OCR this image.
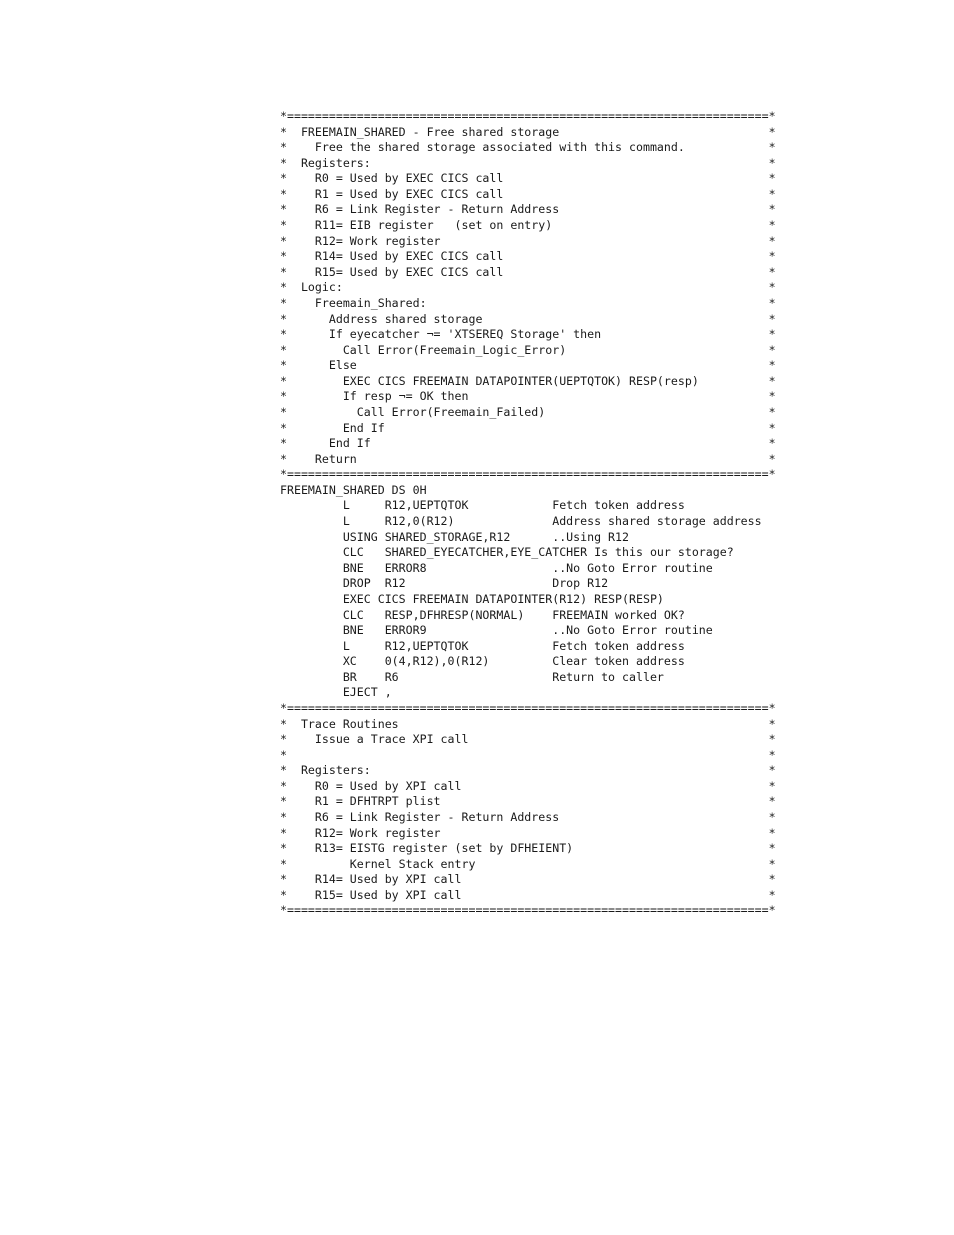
*=====================================================================*
*  FREEMAIN_SHARED - Free shared storage                              *
*    Free the shared storage associated with this command.            *
*  Registers:                                                         *
*    R0 = Used by EXEC CICS call                                      *
*    R1 = Used by EXEC CICS call                                      *
*    R6 = Link Register - Return Address                              *
*    R11= EIB register   (set on entry)                               *
*    R12= Work register                                               *
*    R14= Used by EXEC CICS call                                      *
*    R15= Used by EXEC CICS call                                      *
*  Logic:                                                             *
*    Freemain_Shared:                                                 *
*      Address shared storage                                         *
*      If eyecatcher ¬= 'XTSEREQ Storage' then                        *
*        Call Error(Freemain_Logic_Error)                             *
*      Else                                                           *
*        EXEC CICS FREEMAIN DATAPOINTER(UEPTQTOK) RESP(resp)          *
*        If resp ¬= OK then                                           *
*          Call Error(Freemain_Failed)                                *
*        End If                                                       *
*      End If                                                         *
*    Return                                                           *
*=====================================================================*
FREEMAIN_SHARED DS 0H
L     R12,UEPTQTOK            Fetch token address
L     R12,0(R12)              Address shared storage address
USING SHARED_STORAGE,R12      ..Using R12
CLC   SHARED_EYECATCHER,EYE_CATCHER Is this our storage?
BNE   ERROR8                  ..No Goto Error routine
DROP  R12                     Drop R12
EXEC CICS FREEMAIN DATAPOINTER(R12) RESP(RESP)
CLC   RESP,DFHRESP(NORMAL)    FREEMAIN worked OK?
BNE   ERROR9                  ..No Goto Error routine
L     R12,UEPTQTOK            Fetch token address
XC    0(4,R12),0(R12)         Clear token address
BR    R6                      Return to caller
EJECT ,
*=====================================================================*
*  Trace Routines                                                     *
*    Issue a Trace XPI call                                           *
*                                                                     *
*  Registers:                                                         *
*    R0 = Used by XPI call                                            *
*    R1 = DFHTRPT plist                                               *
*    R6 = Link Register - Return Address                              *
*    R12= Work register                                               *
*    R13= EISTG register (set by DFHEIENT)                            *
*         Kernel Stack entry                                          *
*    R14= Used by XPI call                                            *
*    R15= Used by XPI call                                            *
*=====================================================================*
